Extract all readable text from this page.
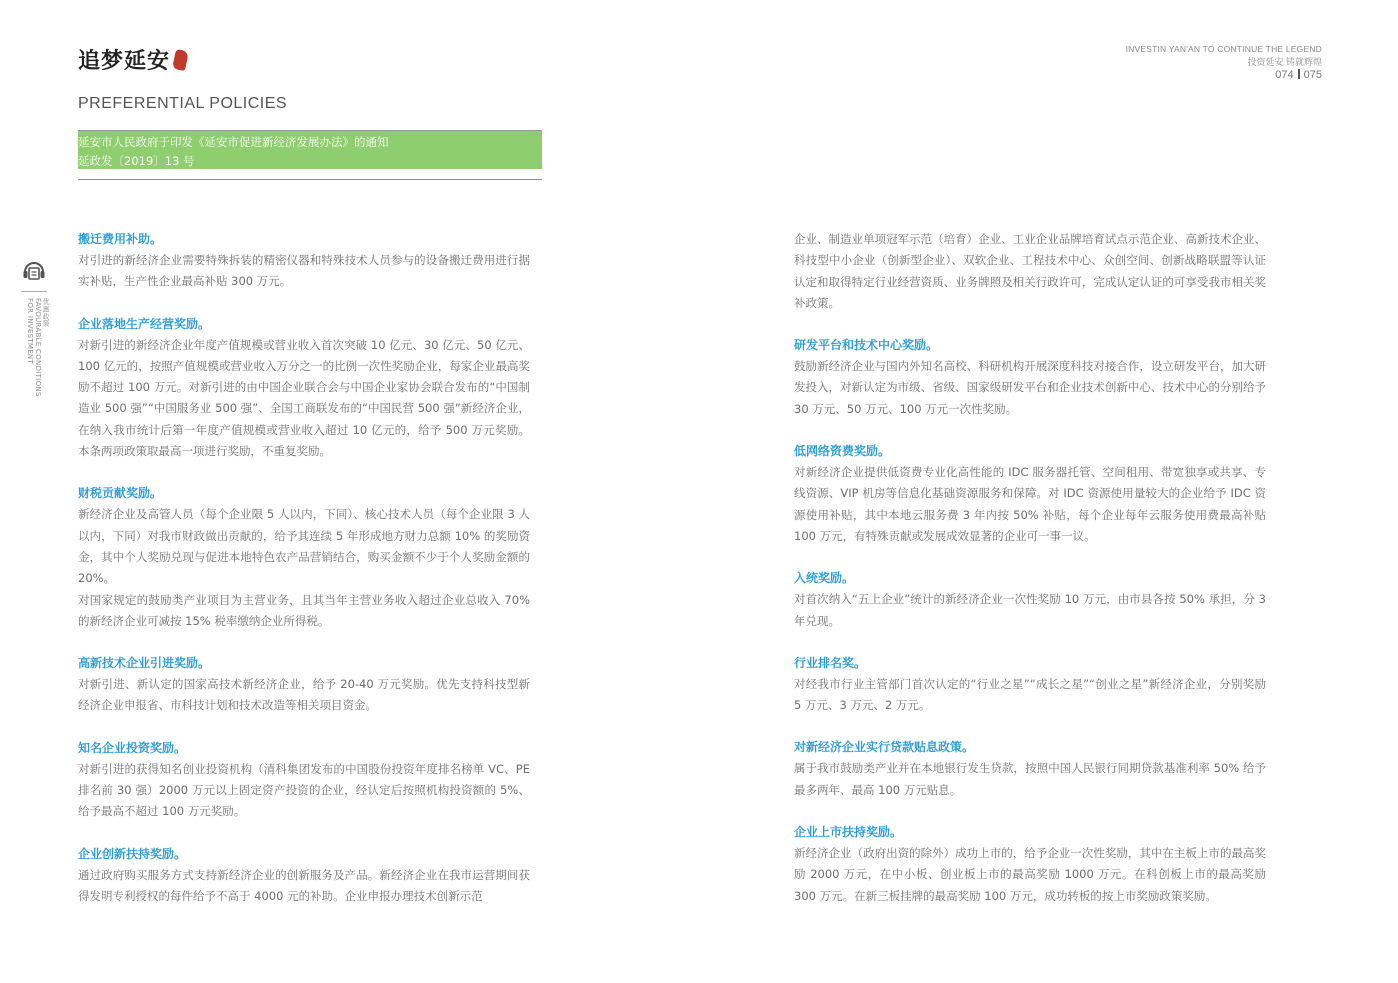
追梦延安
PREFERENTIAL POLICIES
延安市人民政府于印发《延安市促进新经济发展办法》的通知
延政发〔2019〕13 号
INVESTIN YAN'AN TO CONTINUE THE LEGEND
投资延安 铸就辉煌
074 075
优惠政策
FAVOURABLE CONDITIONS
FOR INVESTMENT
搬迁费用补助。
对引进的新经济企业需要特殊拆装的精密仪器和特殊技术人员参与的设备搬迁费用进行据实补贴，生产性企业最高补贴 300 万元。
企业落地生产经营奖励。
对新引进的新经济企业年度产值规模或营业收入首次突破 10 亿元、30 亿元、50 亿元、100 亿元的，按照产值规模或营业收入万分之一的比例一次性奖励企业，每家企业最高奖励不超过 100 万元。对新引进的由中国企业联合会与中国企业家协会联合发布的“中国制造业 500 强”“中国服务业 500 强”、全国工商联发布的“中国民营 500 强”新经济企业，在纳入我市统计后第一年度产值规模或营业收入超过 10 亿元的，给予 500 万元奖励。本条两项政策取最高一项进行奖励，不重复奖励。
财税贡献奖励。
新经济企业及高管人员（每个企业限 5 人以内，下同）、核心技术人员（每个企业限 3 人以内，下同）对我市财政做出贡献的，给予其连续 5 年形成地方财力总额 10% 的奖励资金，其中个人奖励兑现与促进本地特色农产品营销结合，购买金额不少于个人奖励金额的 20%。
对国家规定的鼓励类产业项目为主营业务，且其当年主营业务收入超过企业总收入 70% 的新经济企业可减按 15% 税率缴纳企业所得税。
高新技术企业引进奖励。
对新引进、新认定的国家高技术新经济企业，给予 20-40 万元奖励。优先支持科技型新经济企业申报省、市科技计划和技术改造等相关项目资金。
知名企业投资奖励。
对新引进的获得知名创业投资机构（清科集团发布的中国股份投资年度排名榜单 VC、PE 排名前 30 强）2000 万元以上固定资产投资的企业，经认定后按照机构投资额的 5%、给予最高不超过 100 万元奖励。
企业创新扶持奖励。
通过政府购买服务方式支持新经济企业的创新服务及产品。新经济企业在我市运营期间获得发明专利授权的每件给予不高于 4000 元的补助。企业申报办理技术创新示范
企业、制造业单项冠军示范（培育）企业、工业企业品牌培育试点示范企业、高新技术企业、科技型中小企业（创新型企业）、双软企业、工程技术中心、众创空间、创新战略联盟等认证认定和取得特定行业经营资质、业务牌照及相关行政许可，完成认定认证的可享受我市相关奖补政策。
研发平台和技术中心奖励。
鼓励新经济企业与国内外知名高校、科研机构开展深度科技对接合作，设立研发平台，加大研发投入，对新认定为市级、省级、国家级研发平台和企业技术创新中心、技术中心的分别给予 30 万元、50 万元、100 万元一次性奖励。
低网络资费奖励。
对新经济企业提供低资费专业化高性能的 IDC 服务器托管、空间租用、带宽独享或共享、专线资源、VIP 机房等信息化基础资源服务和保障。对 IDC 资源使用量较大的企业给予 IDC 资源使用补贴，其中本地云服务费 3 年内按 50% 补贴，每个企业每年云服务使用费最高补贴 100 万元，有特殊贡献或发展成效显著的企业可一事一议。
入统奖励。
对首次纳入“五上企业”统计的新经济企业一次性奖励 10 万元，由市县各按 50% 承担，分 3 年兑现。
行业排名奖。
对经我市行业主管部门首次认定的“行业之星”“成长之星”“创业之星”新经济企业，分别奖励 5 万元、3 万元、2 万元。
对新经济企业实行贷款贴息政策。
属于我市鼓励类产业并在本地银行发生贷款，按照中国人民银行同期贷款基准利率 50% 给予最多两年、最高 100 万元贴息。
企业上市扶持奖励。
新经济企业（政府出资的除外）成功上市的，给予企业一次性奖励，其中在主板上市的最高奖励 2000 万元，在中小板、创业板上市的最高奖励 1000 万元。在科创板上市的最高奖励 300 万元。在新三板挂牌的最高奖励 100 万元，成功转板的按上市奖励政策奖励。
